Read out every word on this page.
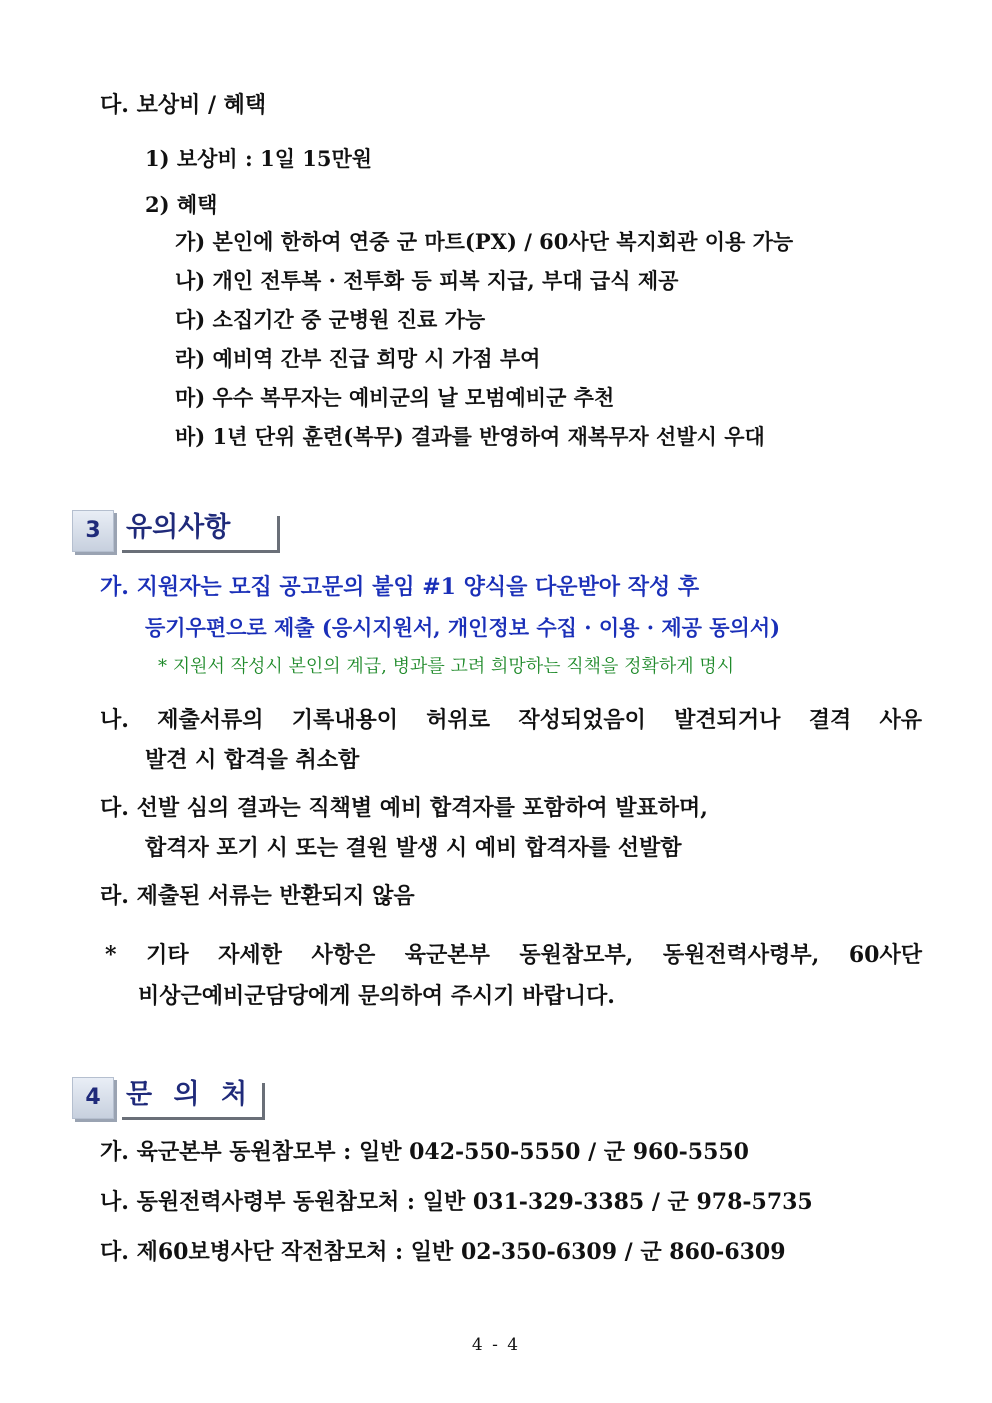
다. 보상비 / 혜택
1) 보상비 : 1일 15만원
2) 혜택
가) 본인에 한하여 연중 군 마트(PX) / 60사단 복지회관 이용 가능
나) 개인 전투복 · 전투화 등 피복 지급, 부대 급식 제공
다) 소집기간 중 군병원 진료 가능
라) 예비역 간부 진급 희망 시 가점 부여
마) 우수 복무자는 예비군의 날 모범예비군 추천
바) 1년 단위 훈련(복무) 결과를 반영하여 재복무자 선발시 우대
3 유의사항
가. 지원자는 모집 공고문의 붙임 #1 양식을 다운받아 작성 후
등기우편으로 제출 (응시지원서, 개인정보 수집 · 이용 · 제공 동의서)
* 지원서 작성시 본인의 계급, 병과를 고려 희망하는 직책을 정확하게 명시
나. 제출서류의 기록내용이 허위로 작성되었음이 발견되거나 결격 사유
발견 시 합격을 취소함
다. 선발 심의 결과는 직책별 예비 합격자를 포함하여 발표하며,
합격자 포기 시 또는 결원 발생 시 예비 합격자를 선발함
라. 제출된 서류는 반환되지 않음
* 기타 자세한 사항은 육군본부 동원참모부, 동원전력사령부, 60사단
비상근예비군담당에게 문의하여 주시기 바랍니다.
4 문 의 처
가. 육군본부 동원참모부 : 일반 042-550-5550 / 군 960-5550
나. 동원전력사령부 동원참모처 : 일반 031-329-3385 / 군 978-5735
다. 제60보병사단 작전참모처 : 일반 02-350-6309 / 군 860-6309
4 - 4
